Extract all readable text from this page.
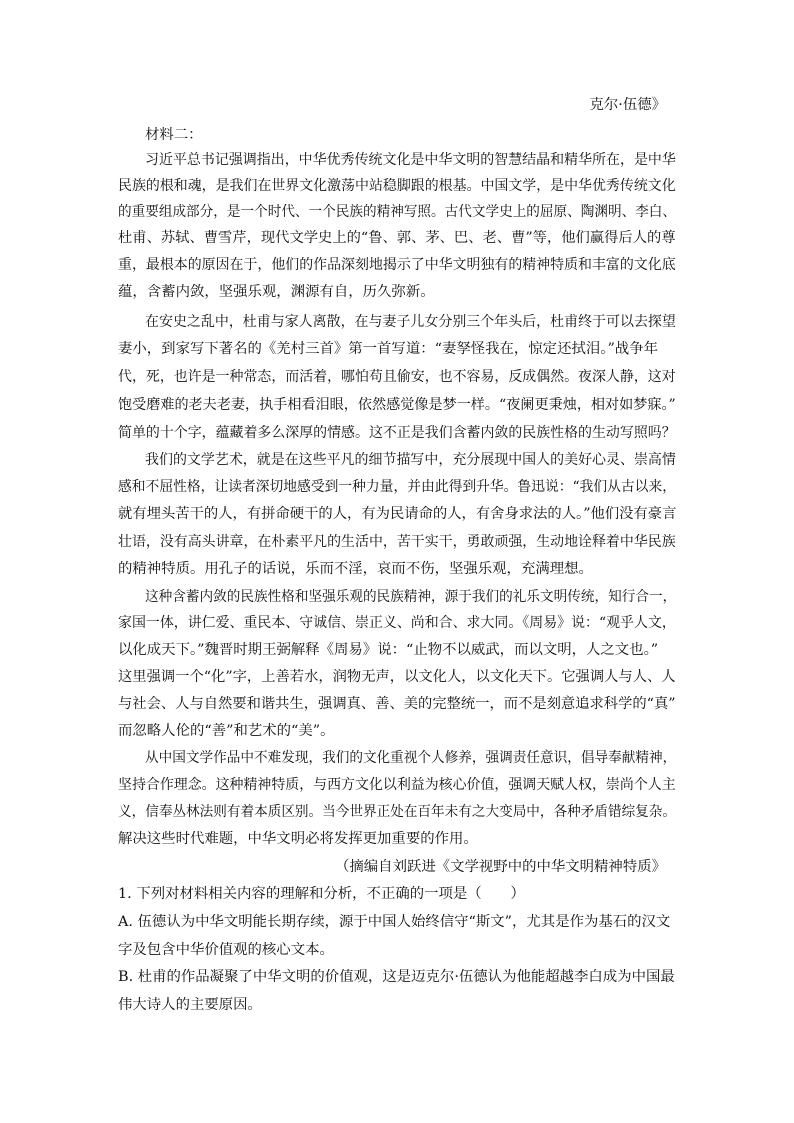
克尔·伍德》
材料二：
习近平总书记强调指出，中华优秀传统文化是中华文明的智慧结晶和精华所在，是中华
民族的根和魂，是我们在世界文化激荡中站稳脚跟的根基。中国文学，是中华优秀传统文化
的重要组成部分，是一个时代、一个民族的精神写照。古代文学史上的屈原、陶渊明、李白、
杜甫、苏轼、曹雪芹，现代文学史上的“鲁、郭、茅、巴、老、曹”等，他们赢得后人的尊
重，最根本的原因在于，他们的作品深刻地揭示了中华文明独有的精神特质和丰富的文化底
蕴，含蓄内敛，坚强乐观，渊源有自，历久弥新。
在安史之乱中，杜甫与家人离散，在与妻子儿女分别三个年头后，杜甫终于可以去探望
妻小，到家写下著名的《羌村三首》第一首写道：“妻孥怪我在，惊定还拭泪。”战争年
代，死，也许是一种常态，而活着，哪怕苟且偷安，也不容易，反成偶然。夜深人静，这对
饱受磨难的老夫老妻，执手相看泪眼，依然感觉像是梦一样。“夜阑更秉烛，相对如梦寐。”
简单的十个字，蕴藏着多么深厚的情感。这不正是我们含蓄内敛的民族性格的生动写照吗？
我们的文学艺术，就是在这些平凡的细节描写中，充分展现中国人的美好心灵、崇高情
感和不屈性格，让读者深切地感受到一种力量，并由此得到升华。鲁迅说：“我们从古以来，
就有埋头苦干的人，有拼命硬干的人，有为民请命的人，有舍身求法的人。”他们没有豪言
壮语，没有高头讲章，在朴素平凡的生活中，苦干实干，勇敢顽强，生动地诠释着中华民族
的精神特质。用孔子的话说，乐而不淫，哀而不伤，坚强乐观，充满理想。
这种含蓄内敛的民族性格和坚强乐观的民族精神，源于我们的礼乐文明传统，知行合一，
家国一体，讲仁爱、重民本、守诚信、崇正义、尚和合、求大同。《周易》说：“观乎人文，
以化成天下。”魏晋时期王弼解释《周易》说：“止物不以威武，而以文明，人之文也。”
这里强调一个“化”字，上善若水，润物无声，以文化人，以文化天下。它强调人与人、人
与社会、人与自然要和谐共生，强调真、善、美的完整统一，而不是刻意追求科学的“真”
而忽略人伦的“善”和艺术的“美”。
从中国文学作品中不难发现，我们的文化重视个人修养，强调责任意识，倡导奉献精神，
坚持合作理念。这种精神特质，与西方文化以利益为核心价值，强调天赋人权，崇尚个人主
义，信奉丛林法则有着本质区别。当今世界正处在百年未有之大变局中，各种矛盾错综复杂。
解决这些时代难题，中华文明必将发挥更加重要的作用。
（摘编自刘跃进《文学视野中的中华文明精神特质》
1. 下列对材料相关内容的理解和分析，不正确的一项是（　　）
A. 伍德认为中华文明能长期存续，源于中国人始终信守“斯文”，尤其是作为基石的汉文
字及包含中华价值观的核心文本。
B. 杜甫的作品凝聚了中华文明的价值观，这是迈克尔·伍德认为他能超越李白成为中国最
伟大诗人的主要原因。
